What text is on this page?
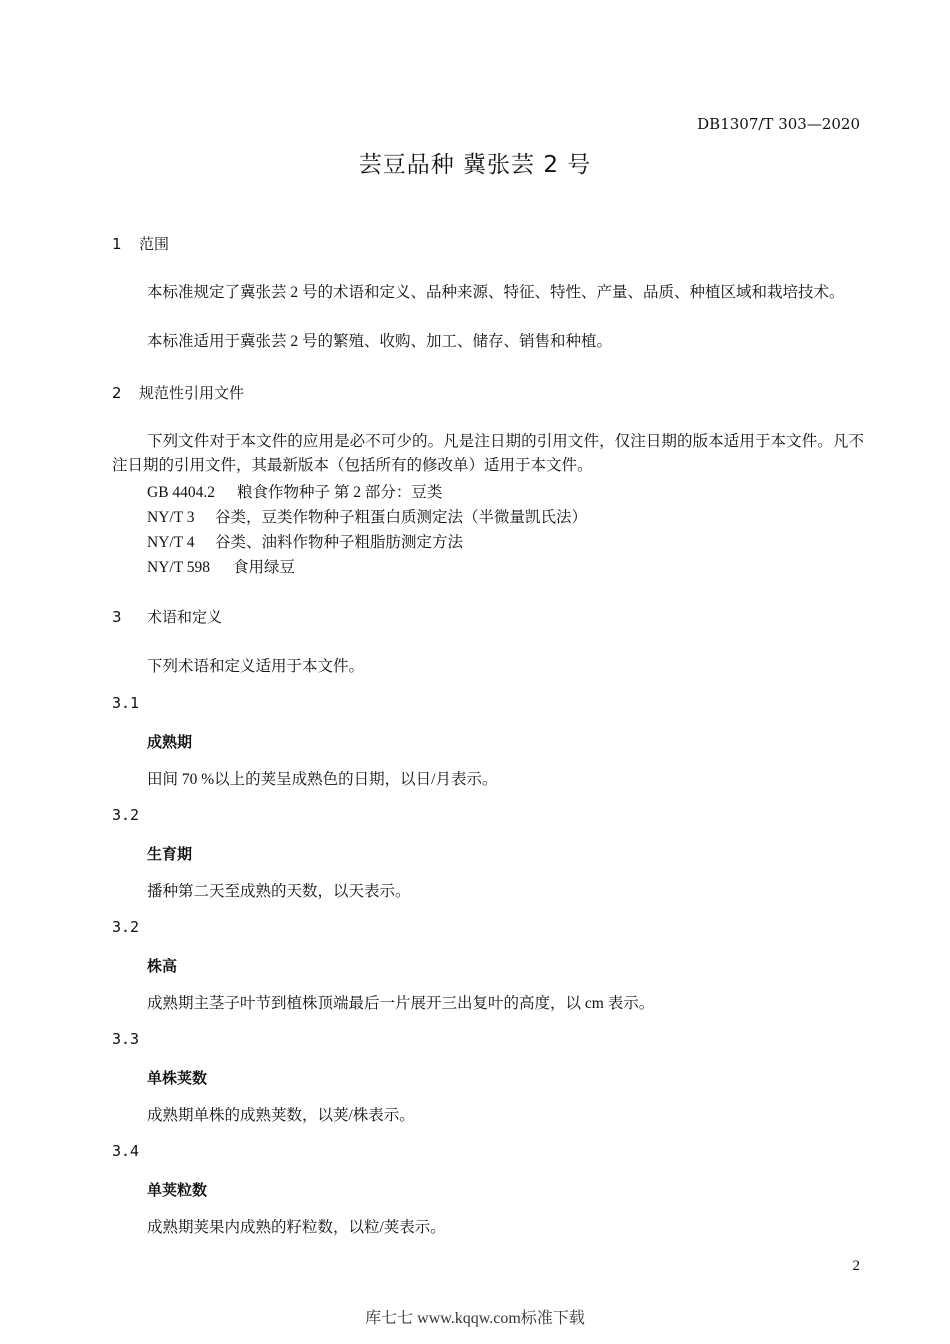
DB1307/T 303—2020
芸豆品种 冀张芸 2 号
1 范围
本标准规定了冀张芸 2 号的术语和定义、品种来源、特征、特性、产量、品质、种植区域和栽培技术。
本标准适用于冀张芸 2 号的繁殖、收购、加工、储存、销售和种植。
2 规范性引用文件
下列文件对于本文件的应用是必不可少的。凡是注日期的引用文件，仅注日期的版本适用于本文件。凡不注日期的引用文件，其最新版本（包括所有的修改单）适用于本文件。
GB 4404.2 粮食作物种子 第 2 部分：豆类
NY/T 3 谷类，豆类作物种子粗蛋白质测定法（半微量凯氏法）
NY/T 4 谷类、油料作物种子粗脂肪测定方法
NY/T 598 食用绿豆
3 术语和定义
下列术语和定义适用于本文件。
3.1
成熟期
田间 70 %以上的荚呈成熟色的日期，以日/月表示。
3.2
生育期
播种第二天至成熟的天数，以天表示。
3.2
株高
成熟期主茎子叶节到植株顶端最后一片展开三出复叶的高度，以 cm 表示。
3.3
单株荚数
成熟期单株的成熟荚数，以荚/株表示。
3.4
单荚粒数
成熟期荚果内成熟的籽粒数，以粒/荚表示。
2
库七七 www.kqqw.com标准下载
